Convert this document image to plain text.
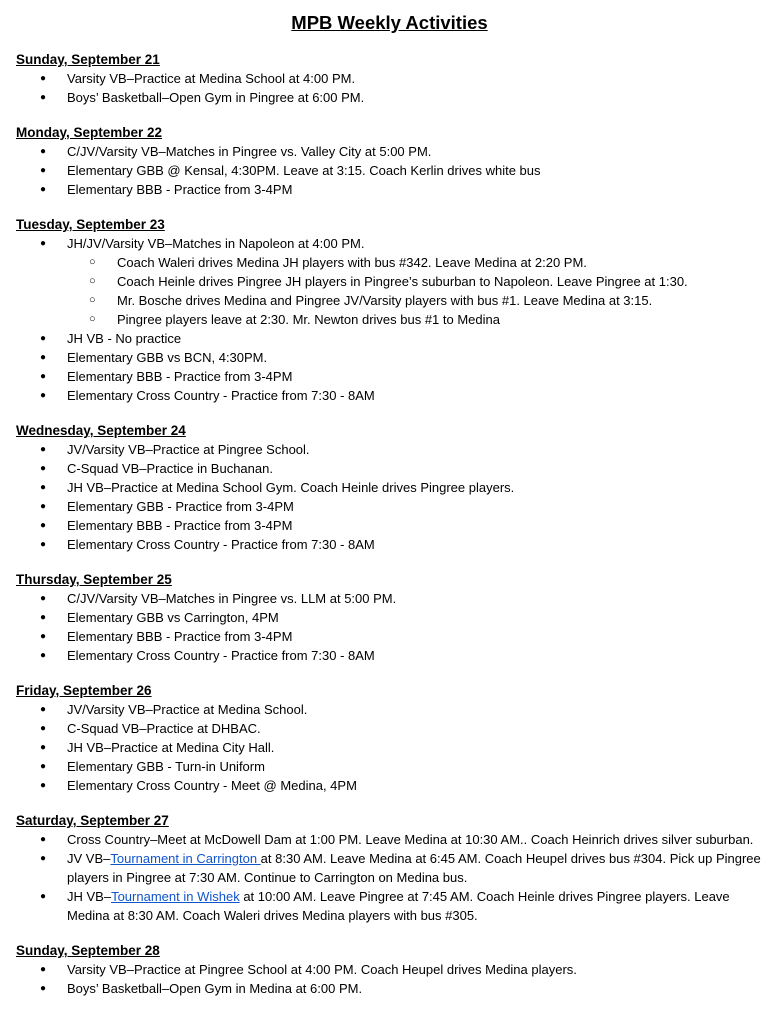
MPB Weekly Activities
Sunday, September 21
● Varsity VB–Practice at Medina School at 4:00 PM.
● Boys’ Basketball–Open Gym in Pingree at 6:00 PM.
Monday, September 22
● C/JV/Varsity VB–Matches in Pingree vs. Valley City at 5:00 PM.
● Elementary GBB @ Kensal, 4:30PM. Leave at 3:15. Coach Kerlin drives white bus
● Elementary BBB - Practice from 3-4PM
Tuesday, September 23
● JH/JV/Varsity VB–Matches in Napoleon at 4:00 PM.
○ Coach Waleri drives Medina JH players with bus #342. Leave Medina at 2:20 PM.
○ Coach Heinle drives Pingree JH players in Pingree’s suburban to Napoleon. Leave Pingree at 1:30.
○ Mr. Bosche drives Medina and Pingree JV/Varsity players with bus #1. Leave Medina at 3:15.
○ Pingree players leave at 2:30. Mr. Newton drives bus #1 to Medina
● JH VB - No practice
● Elementary GBB vs BCN, 4:30PM.
● Elementary BBB - Practice from 3-4PM
● Elementary Cross Country - Practice from 7:30 - 8AM
Wednesday, September 24
● JV/Varsity VB–Practice at Pingree School.
● C-Squad VB–Practice in Buchanan.
● JH VB–Practice at Medina School Gym. Coach Heinle drives Pingree players.
● Elementary GBB - Practice from 3-4PM
● Elementary BBB - Practice from 3-4PM
● Elementary Cross Country - Practice from 7:30 - 8AM
Thursday, September 25
● C/JV/Varsity VB–Matches in Pingree vs. LLM at 5:00 PM.
● Elementary GBB vs Carrington, 4PM
● Elementary BBB - Practice from 3-4PM
● Elementary Cross Country - Practice from 7:30 - 8AM
Friday, September 26
● JV/Varsity VB–Practice at Medina School.
● C-Squad VB–Practice at DHBAC.
● JH VB–Practice at Medina City Hall.
● Elementary GBB - Turn-in Uniform
● Elementary Cross Country - Meet @ Medina, 4PM
Saturday, September 27
● Cross Country–Meet at McDowell Dam at 1:00 PM. Leave Medina at 10:30 AM.. Coach Heinrich drives silver suburban.
● JV VB–Tournament in Carrington at 8:30 AM. Leave Medina at 6:45 AM. Coach Heupel drives bus #304. Pick up Pingree players in Pingree at 7:30 AM. Continue to Carrington on Medina bus.
● JH VB–Tournament in Wishek at 10:00 AM. Leave Pingree at 7:45 AM. Coach Heinle drives Pingree players. Leave Medina at 8:30 AM. Coach Waleri drives Medina players with bus #305.
Sunday, September 28
● Varsity VB–Practice at Pingree School at 4:00 PM. Coach Heupel drives Medina players.
● Boys’ Basketball–Open Gym in Medina at 6:00 PM.
